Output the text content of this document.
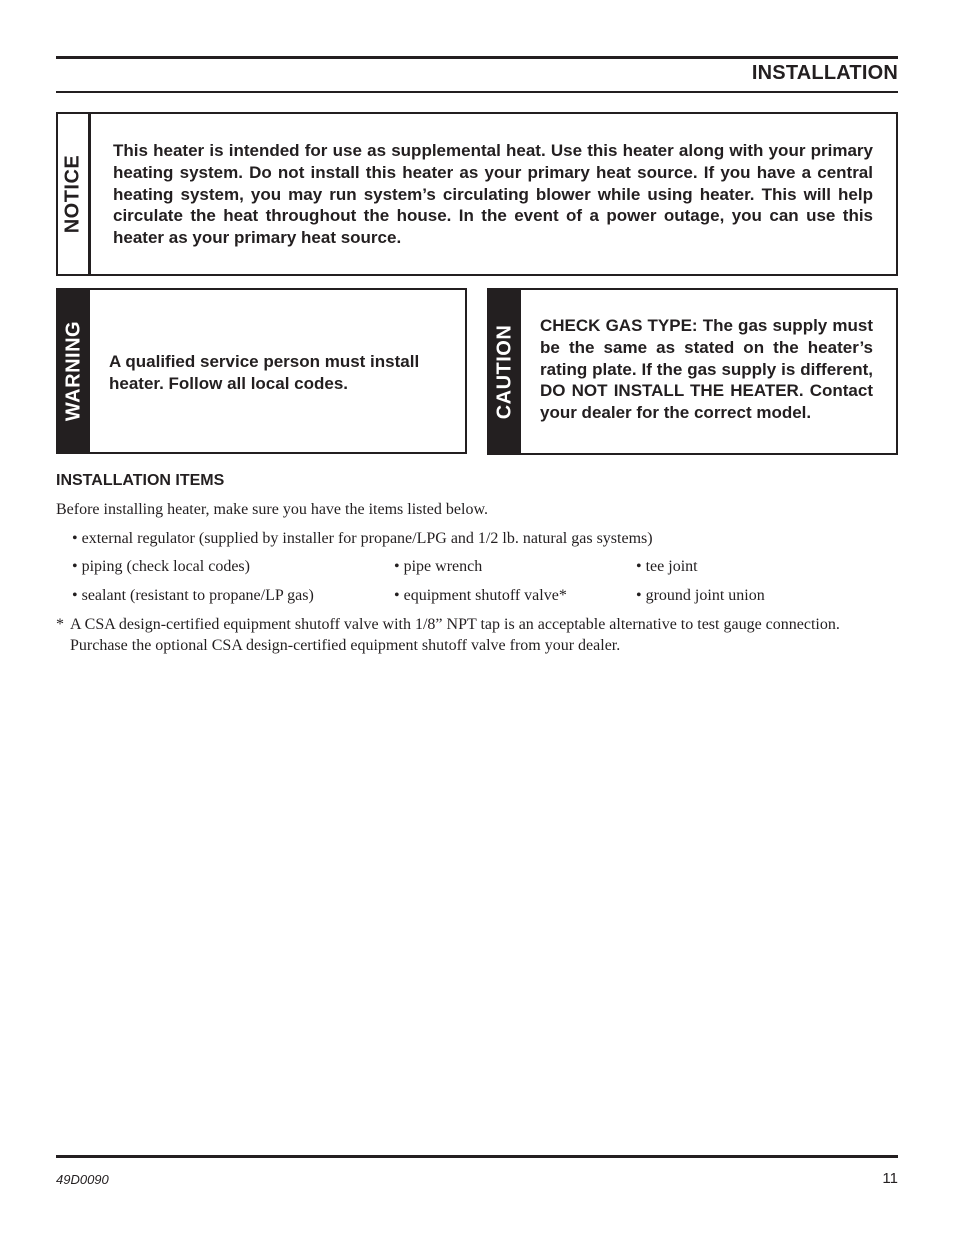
INSTALLATION
NOTICE
This heater is intended for use as supplemental heat. Use this heater along with your primary heating system. Do not install this heater as your primary heat source. If you have a central heating system, you may run system’s circulating blower while using heater. This will help circulate the heat throughout the house. In the event of a power outage, you can use this heater as your primary heat source.
WARNING A qualified service person must install heater. Follow all local codes.	CAUTION CHECK GAS TYPE: The gas supply must be the same as stated on the heater’s rating plate. If the gas supply is different, DO NOT INSTALL THE HEATER. Contact your dealer for the correct model.
INSTALLATION ITEMS
Before installing heater, make sure you have the items listed below.
• external regulator (supplied by installer for propane/LPG and 1/2 lb. natural gas systems)
• piping (check local codes)	• pipe wrench	• tee joint
• sealant (resistant to propane/LP gas)	• equipment shutoff valve*	• ground joint union
* A CSA design-certified equipment shutoff valve with 1/8” NPT tap is an acceptable alternative to test gauge connection. Purchase the optional CSA design-certified equipment shutoff valve from your dealer.
49D0090	11
